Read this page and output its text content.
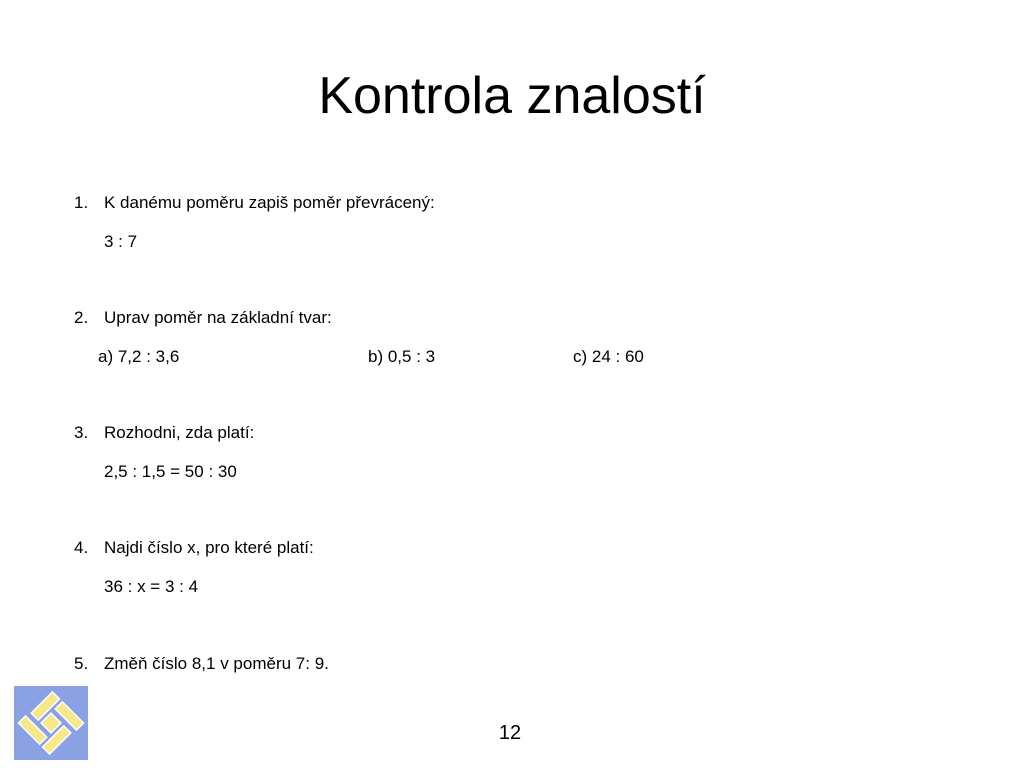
Kontrola znalostí
1. K danému poměru zapiš poměr převrácený:
3 : 7
2. Uprav poměr na základní tvar:
a) 7,2 : 3,6	b) 0,5 : 3	c) 24 : 60
3. Rozhodni, zda platí:
2,5 : 1,5 = 50 : 30
4. Najdi číslo x, pro které platí:
36 : x = 3 : 4
5. Změň číslo 8,1 v poměru 7: 9.
12
